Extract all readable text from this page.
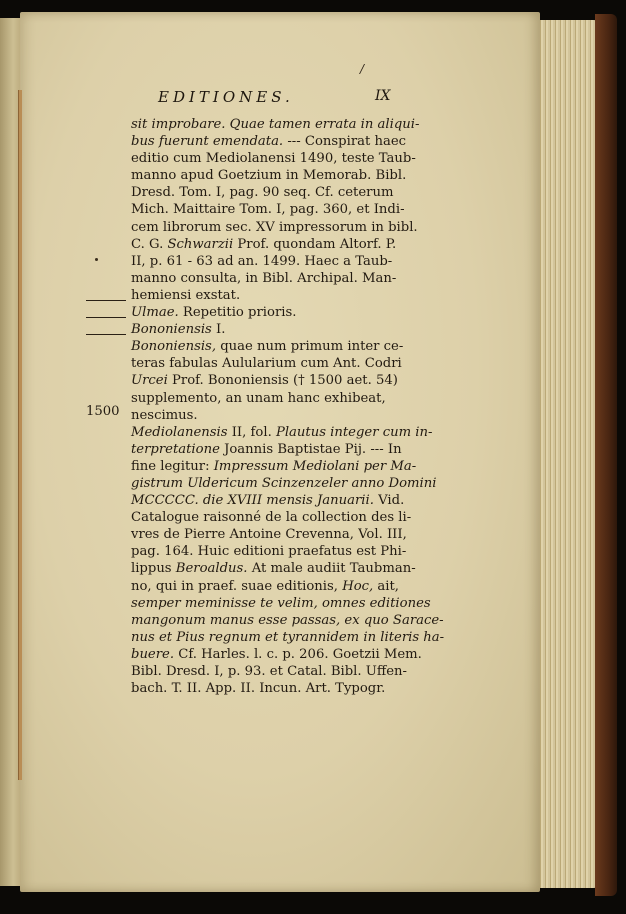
/
EDITIONES.	IX
1500
sit improbare. Quae tamen errata in aliqui-
bus fuerunt emendata. --- Conspirat haec
editio cum Mediolanensi 1490, teste Taub-
manno apud Goetzium in Memorab. Bibl.
Dresd. Tom. I, pag. 90 seq. Cf. ceterum
Mich. Maittaire Tom. I, pag. 360, et Indi-
cem librorum sec. XV impressorum in bibl.
C. G. Schwarzii Prof. quondam Altorf. P.
II, p. 61 - 63 ad an. 1499. Haec a Taub-
manno consulta, in Bibl. Archipal. Man-
hemiensi exstat.
Ulmae. Repetitio prioris.
Bononiensis I.
Bononiensis, quae num primum inter ce-
teras fabulas Aulularium cum Ant. Codri
Urcei Prof. Bononiensis († 1500 aet. 54)
supplemento, an unam hanc exhibeat,
nescimus.
Mediolanensis II, fol. Plautus integer cum in-
terpretatione Joannis Baptistae Pij. --- In
fine legitur: Impressum Mediolani per Ma-
gistrum Uldericum Scinzenzeler anno Domini
MCCCCC. die XVIII mensis Januarii. Vid.
Catalogue raisonné de la collection des li-
vres de Pierre Antoine Crevenna, Vol. III,
pag. 164. Huic editioni praefatus est Phi-
lippus Beroaldus. At male audiit Taubman-
no, qui in praef. suae editionis, Hoc, ait,
semper meminisse te velim, omnes editiones
mangonum manus esse passas, ex quo Sarace-
nus et Pius regnum et tyrannidem in literis ha-
buere. Cf. Harles. l. c. p. 206. Goetzii Mem.
Bibl. Dresd. I, p. 93. et Catal. Bibl. Uffen-
bach. T. II. App. II. Incun. Art. Typogr.
